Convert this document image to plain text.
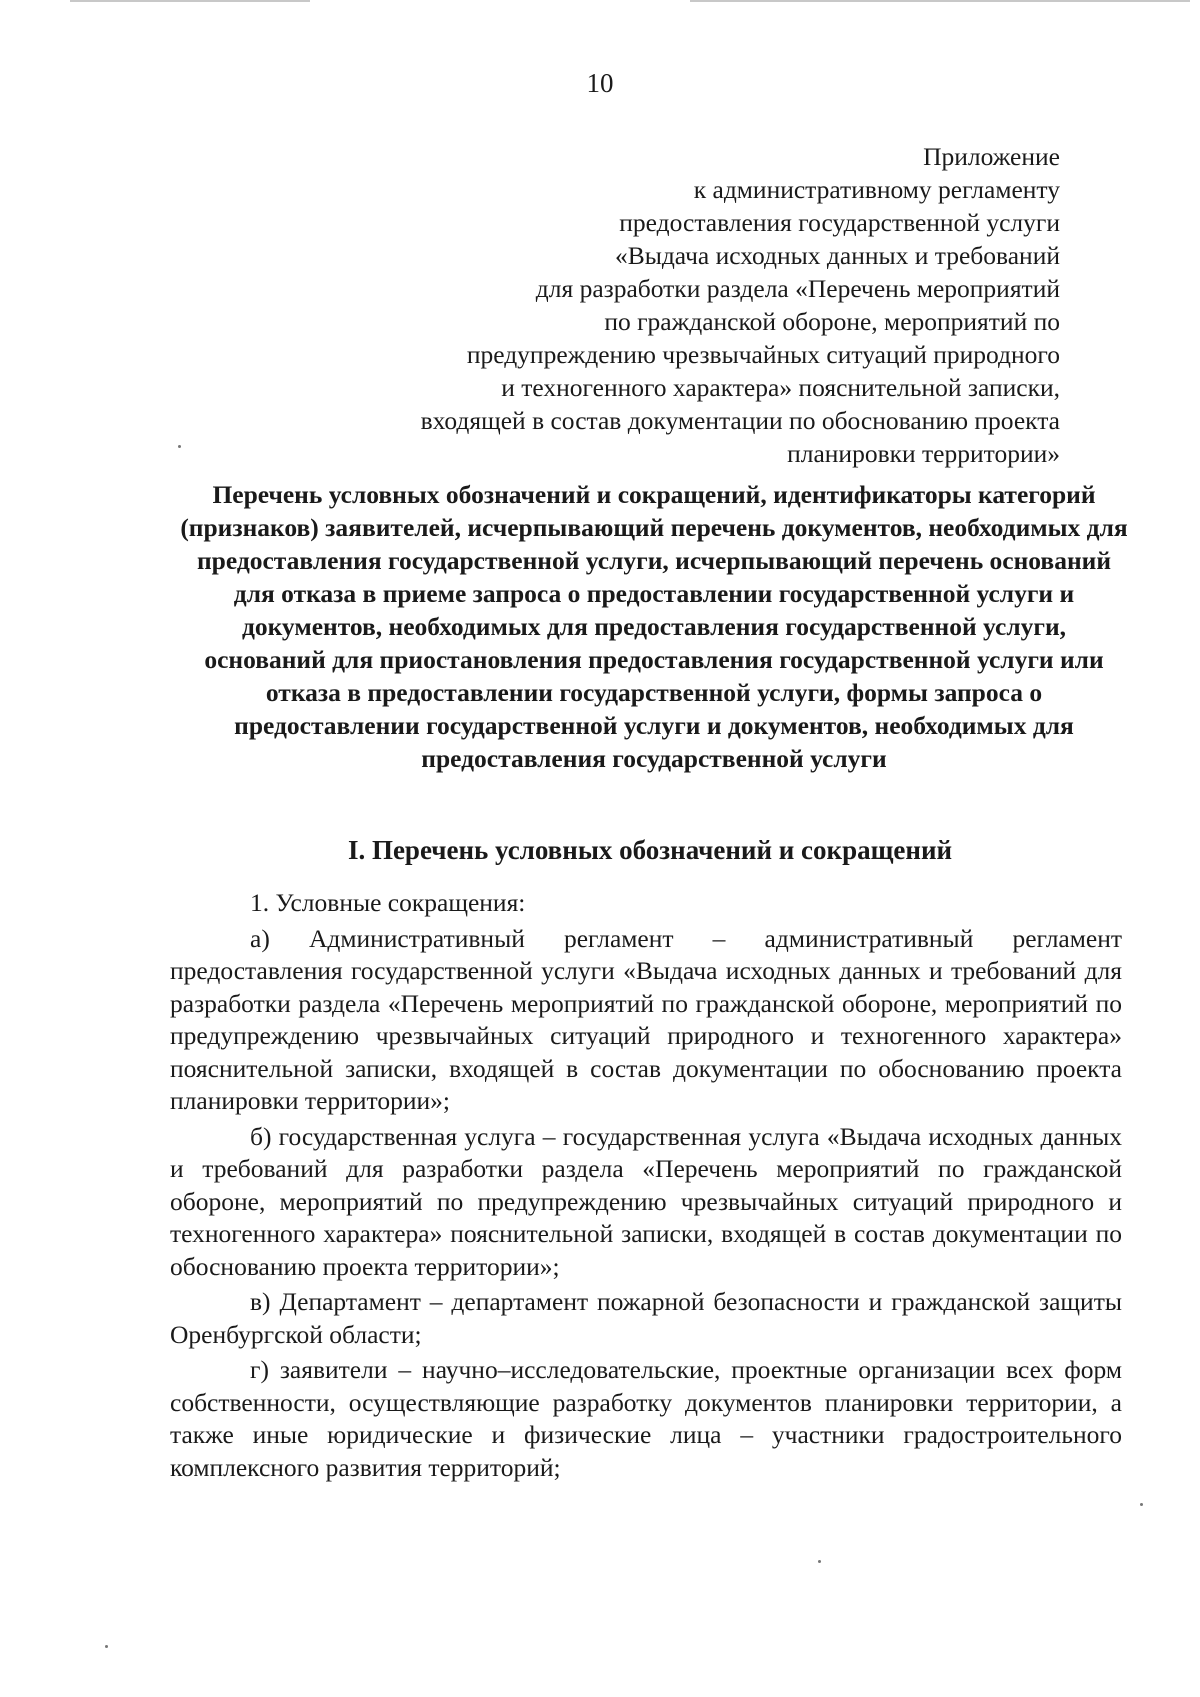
10
Приложение
к административному регламенту
предоставления государственной услуги
«Выдача исходных данных и требований
для разработки раздела «Перечень мероприятий
по гражданской обороне, мероприятий по
предупреждению чрезвычайных ситуаций природного
и техногенного характера» пояснительной записки,
входящей в состав документации по обоснованию проекта
планировки территории»
Перечень условных обозначений и сокращений, идентификаторы категорий (признаков) заявителей, исчерпывающий перечень документов, необходимых для предоставления государственной услуги, исчерпывающий перечень оснований для отказа в приеме запроса о предоставлении государственной услуги и документов, необходимых для предоставления государственной услуги, оснований для приостановления предоставления государственной услуги или отказа в предоставлении государственной услуги, формы запроса о предоставлении государственной услуги и документов, необходимых для предоставления государственной услуги
I. Перечень условных обозначений и сокращений

1. Условные сокращения:

а) Административный регламент – административный регламент предоставления государственной услуги «Выдача исходных данных и требований для разработки раздела «Перечень мероприятий по гражданской обороне, мероприятий по предупреждению чрезвычайных ситуаций природного и техногенного характера» пояснительной записки, входящей в состав документации по обоснованию проекта планировки территории»;

б) государственная услуга – государственная услуга «Выдача исходных данных и требований для разработки раздела «Перечень мероприятий по гражданской обороне, мероприятий по предупреждению чрезвычайных ситуаций природного и техногенного характера» пояснительной записки, входящей в состав документации по обоснованию проекта территории»;

в) Департамент – департамент пожарной безопасности и гражданской защиты Оренбургской области;

г) заявители – научно–исследовательские, проектные организации всех форм собственности, осуществляющие разработку документов планировки территории, а также иные юридические и физические лица – участники градостроительного комплексного развития территорий;
